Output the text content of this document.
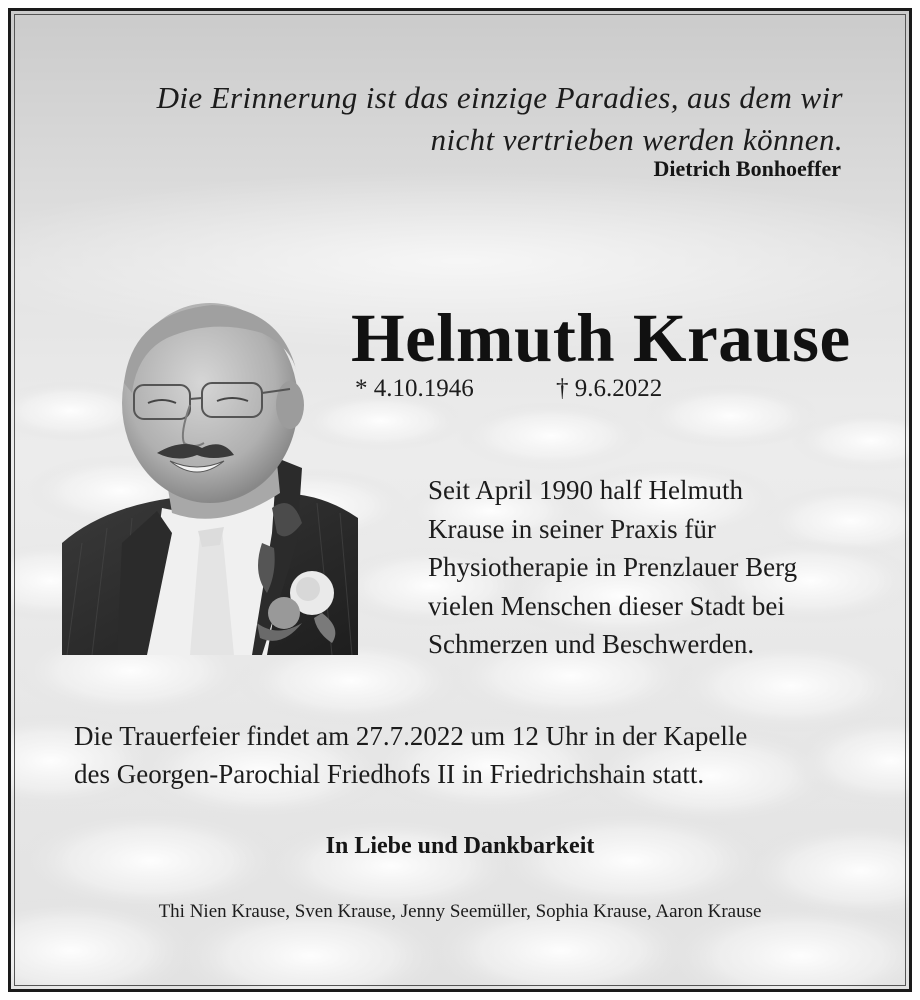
Die Erinnerung ist das einzige Paradies, aus dem wir
nicht vertrieben werden können.
Dietrich Bonhoeffer
Helmuth Krause
* 4.10.1946	† 9.6.2022
Seit April 1990 half Helmuth
Krause in seiner Praxis für
Physiotherapie in Prenzlauer Berg
vielen Menschen dieser Stadt bei
Schmerzen und Beschwerden.
Die Trauerfeier findet am 27.7.2022 um 12 Uhr in der Kapelle
des Georgen-Parochial Friedhofs II in Friedrichshain statt.
In Liebe und Dankbarkeit
Thi Nien Krause, Sven Krause, Jenny Seemüller, Sophia Krause, Aaron Krause
